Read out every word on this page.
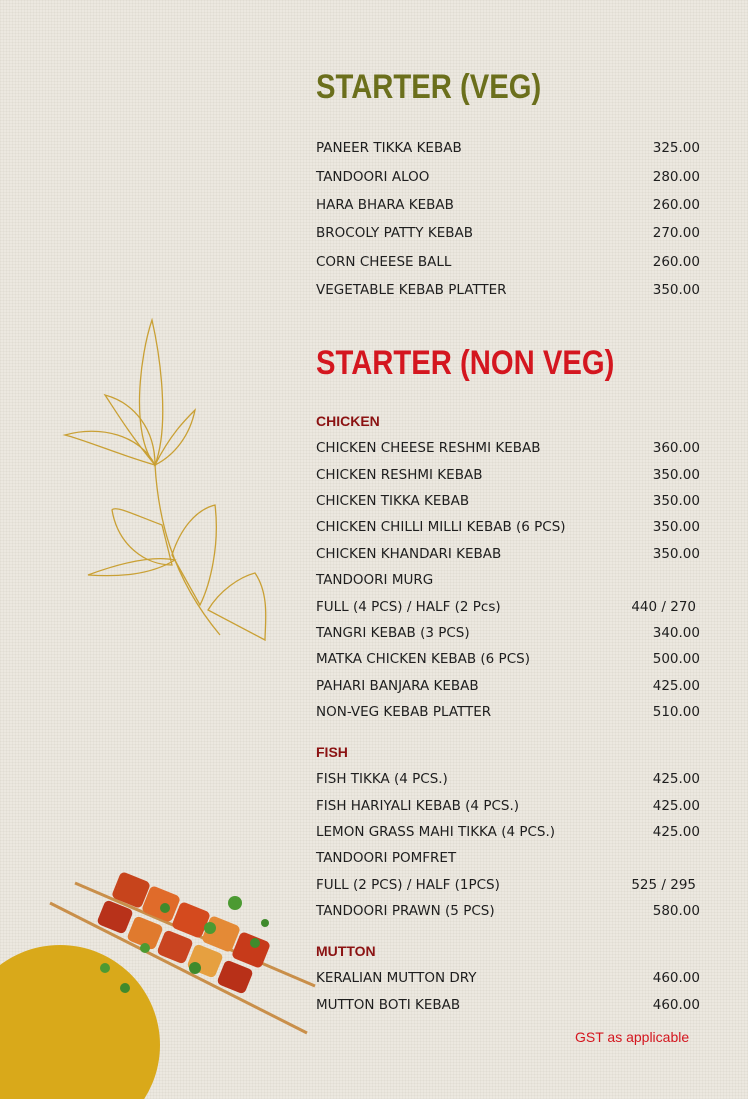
STARTER (VEG)
PANEER TIKKA KEBAB	325.00
TANDOORI ALOO	280.00
HARA BHARA KEBAB	260.00
BROCOLY PATTY KEBAB	270.00
CORN CHEESE BALL	260.00
VEGETABLE KEBAB PLATTER	350.00
STARTER (NON VEG)
CHICKEN
CHICKEN CHEESE RESHMI KEBAB	360.00
CHICKEN RESHMI KEBAB	350.00
CHICKEN TIKKA KEBAB	350.00
CHICKEN CHILLI MILLI KEBAB (6 PCS)	350.00
CHICKEN KHANDARI KEBAB	350.00
TANDOORI MURG
FULL (4 PCS) / HALF (2 Pcs)	440 / 270
TANGRI KEBAB (3 PCS)	340.00
MATKA CHICKEN KEBAB (6 PCS)	500.00
PAHARI BANJARA KEBAB	425.00
NON-VEG KEBAB PLATTER	510.00
FISH
FISH TIKKA (4 PCS.)	425.00
FISH HARIYALI KEBAB (4 PCS.)	425.00
LEMON GRASS MAHI TIKKA (4 PCS.)	425.00
TANDOORI POMFRET
FULL (2 PCS) / HALF (1PCS)	525 / 295
TANDOORI PRAWN (5 PCS)	580.00
MUTTON
KERALIAN MUTTON DRY	460.00
MUTTON BOTI KEBAB	460.00
GST as applicable
